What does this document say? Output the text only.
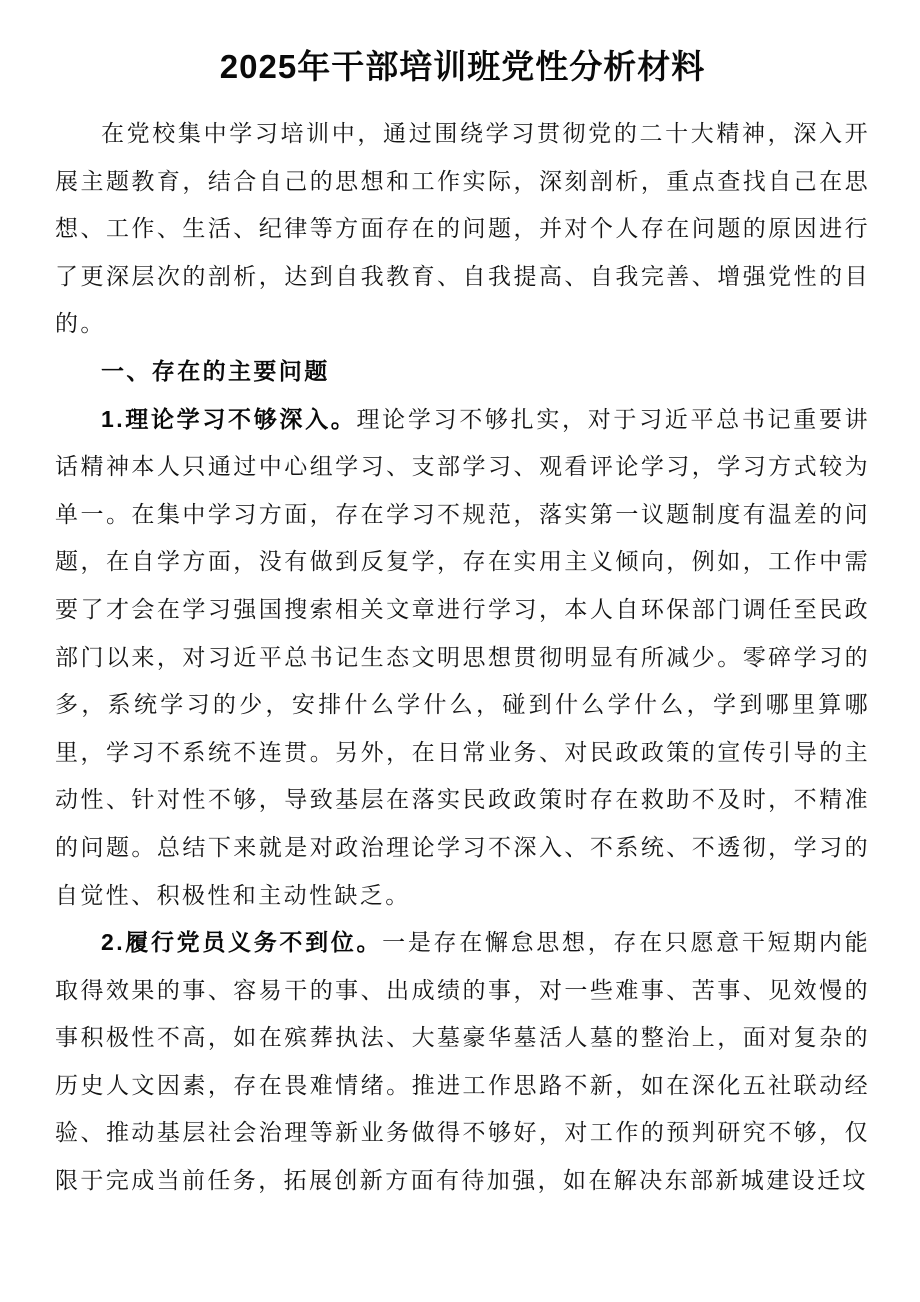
2025年干部培训班党性分析材料

在党校集中学习培训中，通过围绕学习贯彻党的二十大精神，深入开展主题教育，结合自己的思想和工作实际，深刻剖析，重点查找自己在思想、工作、生活、纪律等方面存在的问题，并对个人存在问题的原因进行了更深层次的剖析，达到自我教育、自我提高、自我完善、增强党性的目的。

一、存在的主要问题

1.理论学习不够深入。理论学习不够扎实，对于习近平总书记重要讲话精神本人只通过中心组学习、支部学习、观看评论学习，学习方式较为单一。在集中学习方面，存在学习不规范，落实第一议题制度有温差的问题，在自学方面，没有做到反复学，存在实用主义倾向，例如，工作中需要了才会在学习强国搜索相关文章进行学习，本人自环保部门调任至民政部门以来，对习近平总书记生态文明思想贯彻明显有所减少。零碎学习的多，系统学习的少，安排什么学什么，碰到什么学什么，学到哪里算哪里，学习不系统不连贯。另外，在日常业务、对民政政策的宣传引导的主动性、针对性不够，导致基层在落实民政政策时存在救助不及时，不精准的问题。总结下来就是对政治理论学习不深入、不系统、不透彻，学习的自觉性、积极性和主动性缺乏。

2.履行党员义务不到位。一是存在懈怠思想，存在只愿意干短期内能取得效果的事、容易干的事、出成绩的事，对一些难事、苦事、见效慢的事积极性不高，如在殡葬执法、大墓豪华墓活人墓的整治上，面对复杂的历史人文因素，存在畏难情绪。推进工作思路不新，如在深化五社联动经验、推动基层社会治理等新业务做得不够好，对工作的预判研究不够，仅限于完成当前任务，拓展创新方面有待加强，如在解决东部新城建设迁坟
